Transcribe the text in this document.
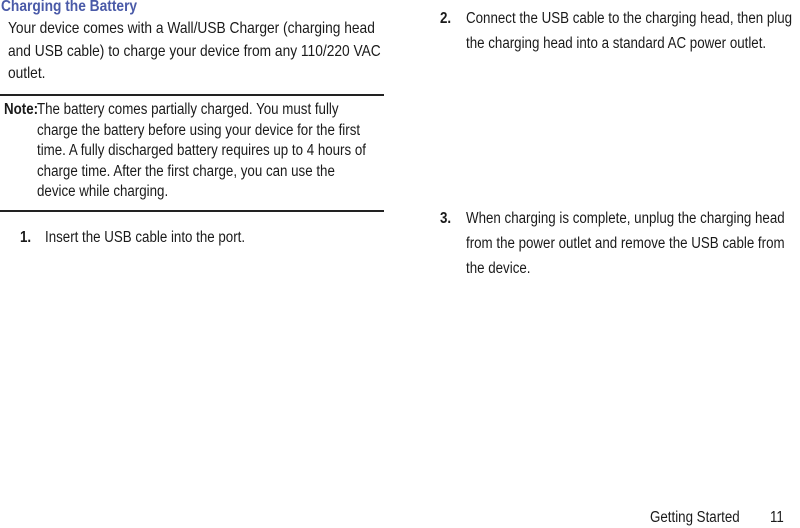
Charging the Battery
Your device comes with a Wall/USB Charger (charging head
and USB cable) to charge your device from any 110/220 VAC
outlet.
Note:
The battery comes partially charged. You must fully
charge the battery before using your device for the first
time. A fully discharged battery requires up to 4 hours of
charge time. After the first charge, you can use the
device while charging.
1. Insert the USB cable into the port.
2. Connect the USB cable to the charging head, then plug
the charging head into a standard AC power outlet.
3. When charging is complete, unplug the charging head
from the power outlet and remove the USB cable from
the device.
Getting Started 11
